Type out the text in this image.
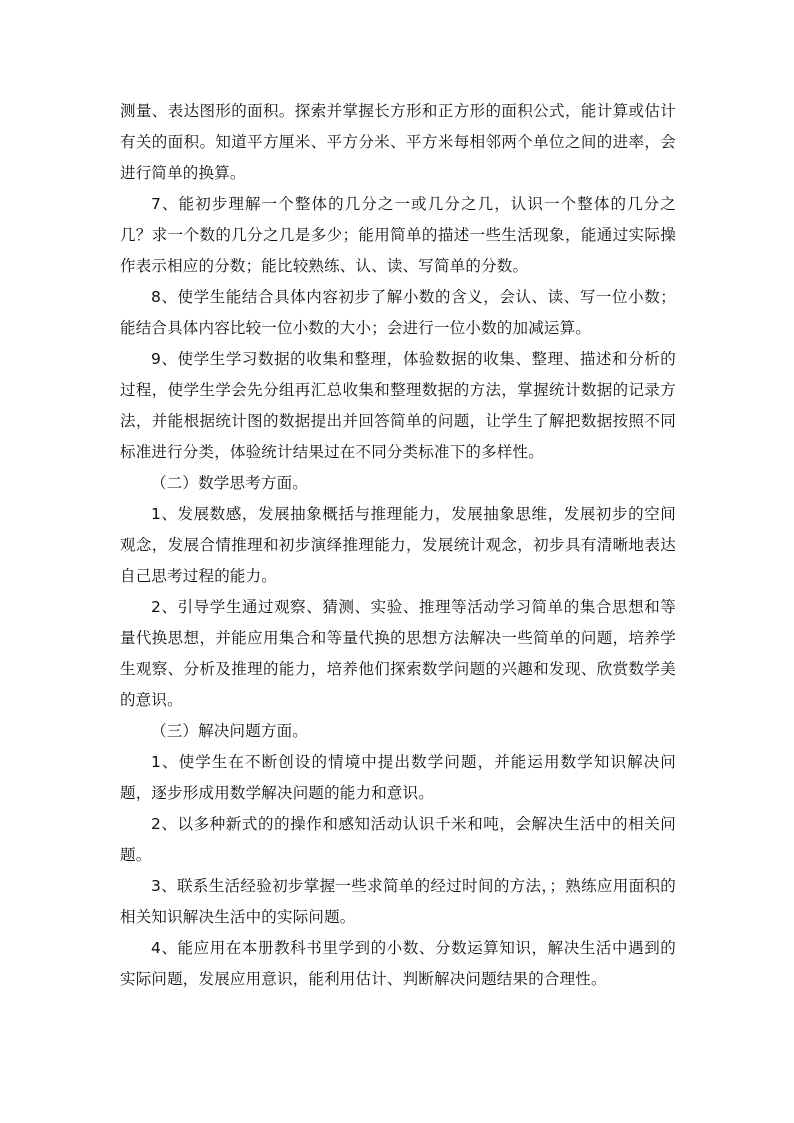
测量、表达图形的面积。探索并掌握长方形和正方形的面积公式，能计算或估计有关的面积。知道平方厘米、平方分米、平方米每相邻两个单位之间的进率，会进行简单的换算。

7、能初步理解一个整体的几分之一或几分之几，认识一个整体的几分之几？求一个数的几分之几是多少；能用简单的描述一些生活现象，能通过实际操作表示相应的分数；能比较熟练、认、读、写简单的分数。

8、使学生能结合具体内容初步了解小数的含义，会认、读、写一位小数；能结合具体内容比较一位小数的大小；会进行一位小数的加减运算。

9、使学生学习数据的收集和整理，体验数据的收集、整理、描述和分析的过程，使学生学会先分组再汇总收集和整理数据的方法，掌握统计数据的记录方法，并能根据统计图的数据提出并回答简单的问题，让学生了解把数据按照不同标准进行分类，体验统计结果过在不同分类标准下的多样性。

（二）数学思考方面。

1、发展数感，发展抽象概括与推理能力，发展抽象思维，发展初步的空间观念，发展合情推理和初步演绎推理能力，发展统计观念，初步具有清晰地表达自己思考过程的能力。

2、引导学生通过观察、猜测、实验、推理等活动学习简单的集合思想和等量代换思想，并能应用集合和等量代换的思想方法解决一些简单的问题，培养学生观察、分析及推理的能力，培养他们探索数学问题的兴趣和发现、欣赏数学美的意识。

（三）解决问题方面。

1、使学生在不断创设的情境中提出数学问题，并能运用数学知识解决问题，逐步形成用数学解决问题的能力和意识。

2、以多种新式的的操作和感知活动认识千米和吨，会解决生活中的相关问题。

3、联系生活经验初步掌握一些求简单的经过时间的方法，；熟练应用面积的相关知识解决生活中的实际问题。

4、能应用在本册教科书里学到的小数、分数运算知识，解决生活中遇到的实际问题，发展应用意识，能利用估计、判断解决问题结果的合理性。
